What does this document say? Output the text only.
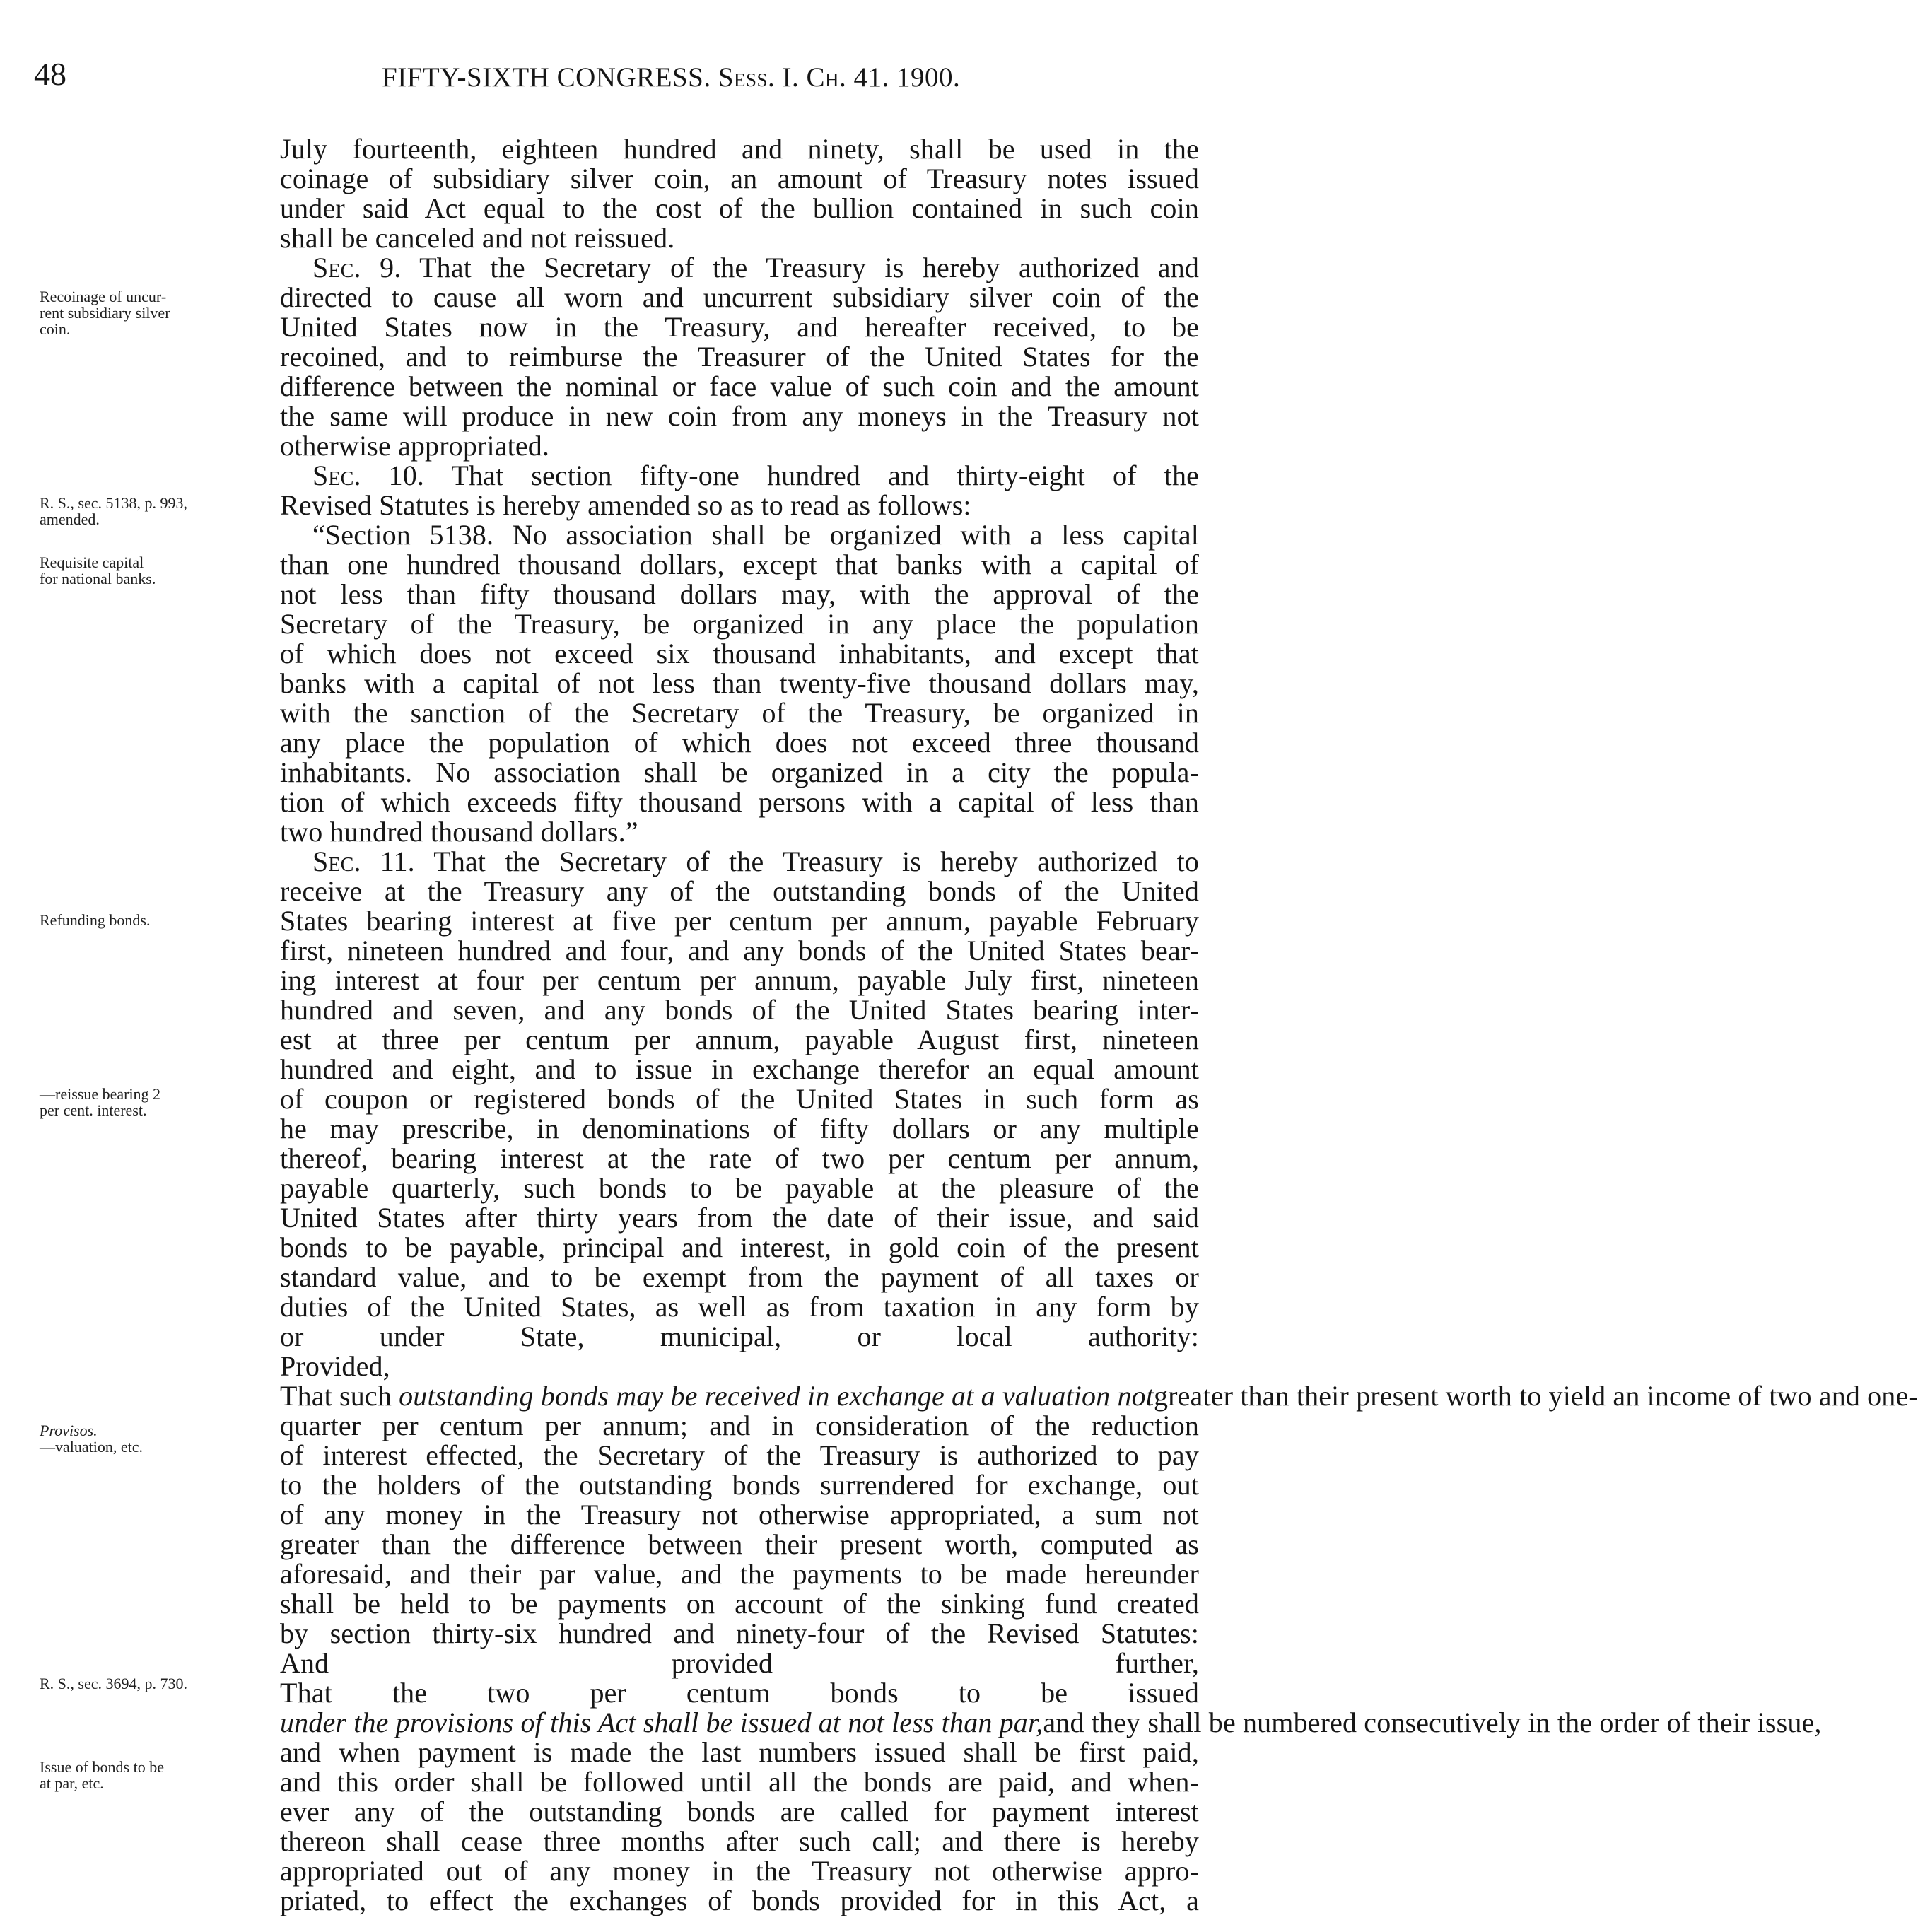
48	FIFTY-SIXTH CONGRESS. Sess. I. Ch. 41. 1900.
Recoinage of uncur-
rent subsidiary silver
coin.
R. S., sec. 5138, p. 993,
amended.
Requisite capital
for national banks.
Refunding bonds.
—reissue bearing 2
per cent. interest.
Provisos.
—valuation, etc.
R. S., sec. 3694, p. 730.
Issue of bonds to be
at par, etc.
July fourteenth, eighteen hundred and ninety, shall be used in the
coinage of subsidiary silver coin, an amount of Treasury notes issued
under said Act equal to the cost of the bullion contained in such coin
shall be canceled and not reissued.
Sec. 9. That the Secretary of the Treasury is hereby authorized and
directed to cause all worn and uncurrent subsidiary silver coin of the
United States now in the Treasury, and hereafter received, to be
recoined, and to reimburse the Treasurer of the United States for the
difference between the nominal or face value of such coin and the amount
the same will produce in new coin from any moneys in the Treasury not
otherwise appropriated.
Sec. 10. That section fifty-one hundred and thirty-eight of the
Revised Statutes is hereby amended so as to read as follows:
“Section 5138. No association shall be organized with a less capital
than one hundred thousand dollars, except that banks with a capital of
not less than fifty thousand dollars may, with the approval of the
Secretary of the Treasury, be organized in any place the population
of which does not exceed six thousand inhabitants, and except that
banks with a capital of not less than twenty-five thousand dollars may,
with the sanction of the Secretary of the Treasury, be organized in
any place the population of which does not exceed three thousand
inhabitants. No association shall be organized in a city the popula-
tion of which exceeds fifty thousand persons with a capital of less than
two hundred thousand dollars.”
Sec. 11. That the Secretary of the Treasury is hereby authorized to
receive at the Treasury any of the outstanding bonds of the United
States bearing interest at five per centum per annum, payable February
first, nineteen hundred and four, and any bonds of the United States bear-
ing interest at four per centum per annum, payable July first, nineteen
hundred and seven, and any bonds of the United States bearing inter-
est at three per centum per annum, payable August first, nineteen
hundred and eight, and to issue in exchange therefor an equal amount
of coupon or registered bonds of the United States in such form as
he may prescribe, in denominations of fifty dollars or any multiple
thereof, bearing interest at the rate of two per centum per annum,
payable quarterly, such bonds to be payable at the pleasure of the
United States after thirty years from the date of their issue, and said
bonds to be payable, principal and interest, in gold coin of the present
standard value, and to be exempt from the payment of all taxes or
duties of the United States, as well as from taxation in any form by
or under State, municipal, or local authority:
Provided,
That such outstanding bonds may be received in exchange at a valuation notgreater than their present worth to yield an income of two and one-
quarter per centum per annum; and in consideration of the reduction
of interest effected, the Secretary of the Treasury is authorized to pay
to the holders of the outstanding bonds surrendered for exchange, out
of any money in the Treasury not otherwise appropriated, a sum not
greater than the difference between their present worth, computed as
aforesaid, and their par value, and the payments to be made hereunder
shall be held to be payments on account of the sinking fund created
by section thirty-six hundred and ninety-four of the Revised Statutes:
And provided further,
That the two per centum bonds to be issued
under the provisions of this Act shall be issued at not less than par,and they shall be numbered consecutively in the order of their issue,
and when payment is made the last numbers issued shall be first paid,
and this order shall be followed until all the bonds are paid, and when-
ever any of the outstanding bonds are called for payment interest
thereon shall cease three months after such call; and there is hereby
appropriated out of any money in the Treasury not otherwise appro-
priated, to effect the exchanges of bonds provided for in this Act, a
